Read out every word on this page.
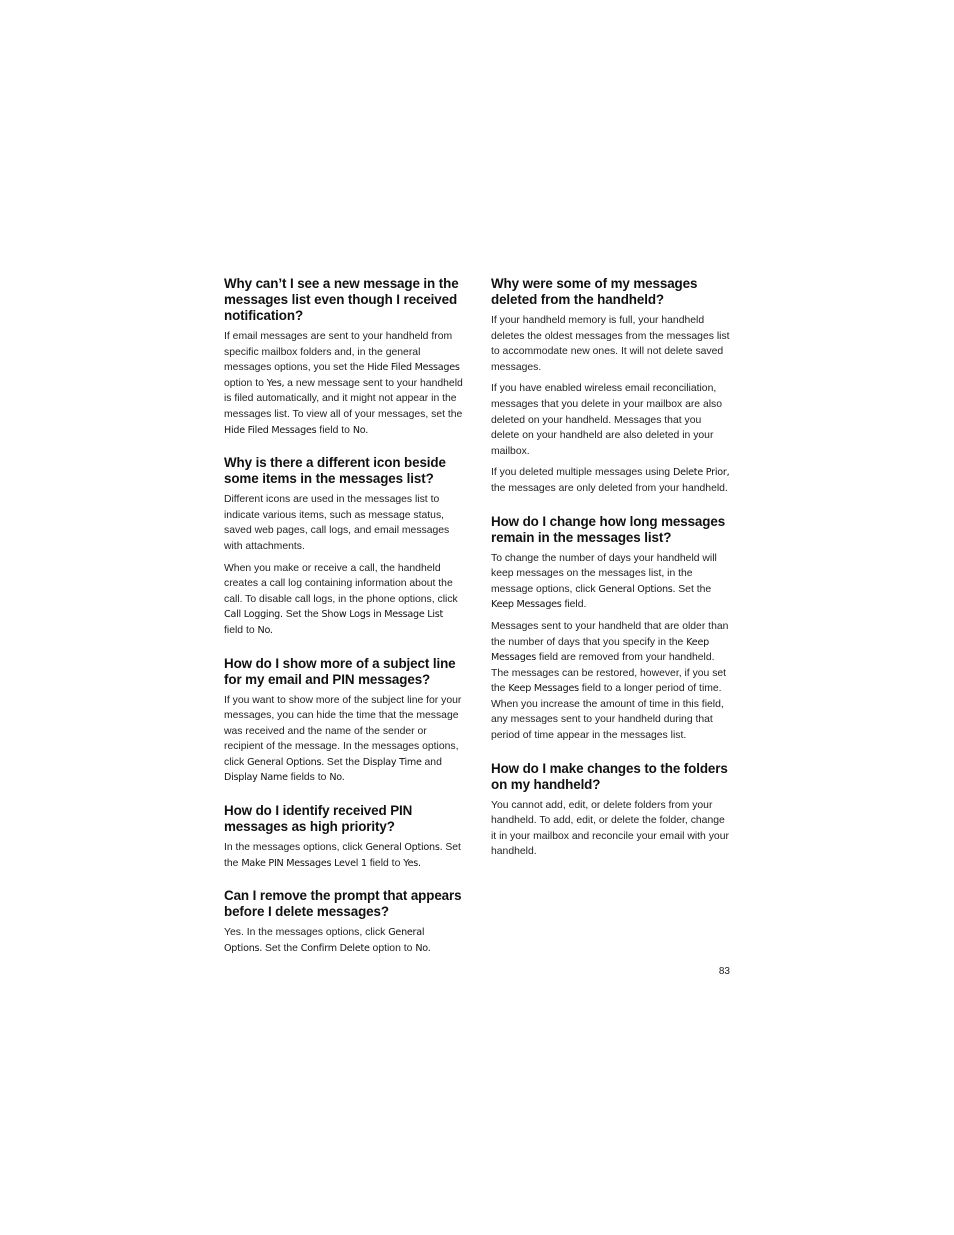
Why can’t I see a new message in the messages list even though I received notification?
If email messages are sent to your handheld from specific mailbox folders and, in the general messages options, you set the Hide Filed Messages option to Yes, a new message sent to your handheld is filed automatically, and it might not appear in the messages list. To view all of your messages, set the Hide Filed Messages field to No.
Why is there a different icon beside some items in the messages list?
Different icons are used in the messages list to indicate various items, such as message status, saved web pages, call logs, and email messages with attachments.
When you make or receive a call, the handheld creates a call log containing information about the call. To disable call logs, in the phone options, click Call Logging. Set the Show Logs in Message List field to No.
How do I show more of a subject line for my email and PIN messages?
If you want to show more of the subject line for your messages, you can hide the time that the message was received and the name of the sender or recipient of the message. In the messages options, click General Options. Set the Display Time and Display Name fields to No.
How do I identify received PIN messages as high priority?
In the messages options, click General Options. Set the Make PIN Messages Level 1 field to Yes.
Can I remove the prompt that appears before I delete messages?
Yes. In the messages options, click General Options. Set the Confirm Delete option to No.
Why were some of my messages deleted from the handheld?
If your handheld memory is full, your handheld deletes the oldest messages from the messages list to accommodate new ones. It will not delete saved messages.
If you have enabled wireless email reconciliation, messages that you delete in your mailbox are also deleted on your handheld. Messages that you delete on your handheld are also deleted in your mailbox.
If you deleted multiple messages using Delete Prior, the messages are only deleted from your handheld.
How do I change how long messages remain in the messages list?
To change the number of days your handheld will keep messages on the messages list, in the message options, click General Options. Set the Keep Messages field.
Messages sent to your handheld that are older than the number of days that you specify in the Keep Messages field are removed from your handheld. The messages can be restored, however, if you set the Keep Messages field to a longer period of time. When you increase the amount of time in this field, any messages sent to your handheld during that period of time appear in the messages list.
How do I make changes to the folders on my handheld?
You cannot add, edit, or delete folders from your handheld. To add, edit, or delete the folder, change it in your mailbox and reconcile your email with your handheld.
83
